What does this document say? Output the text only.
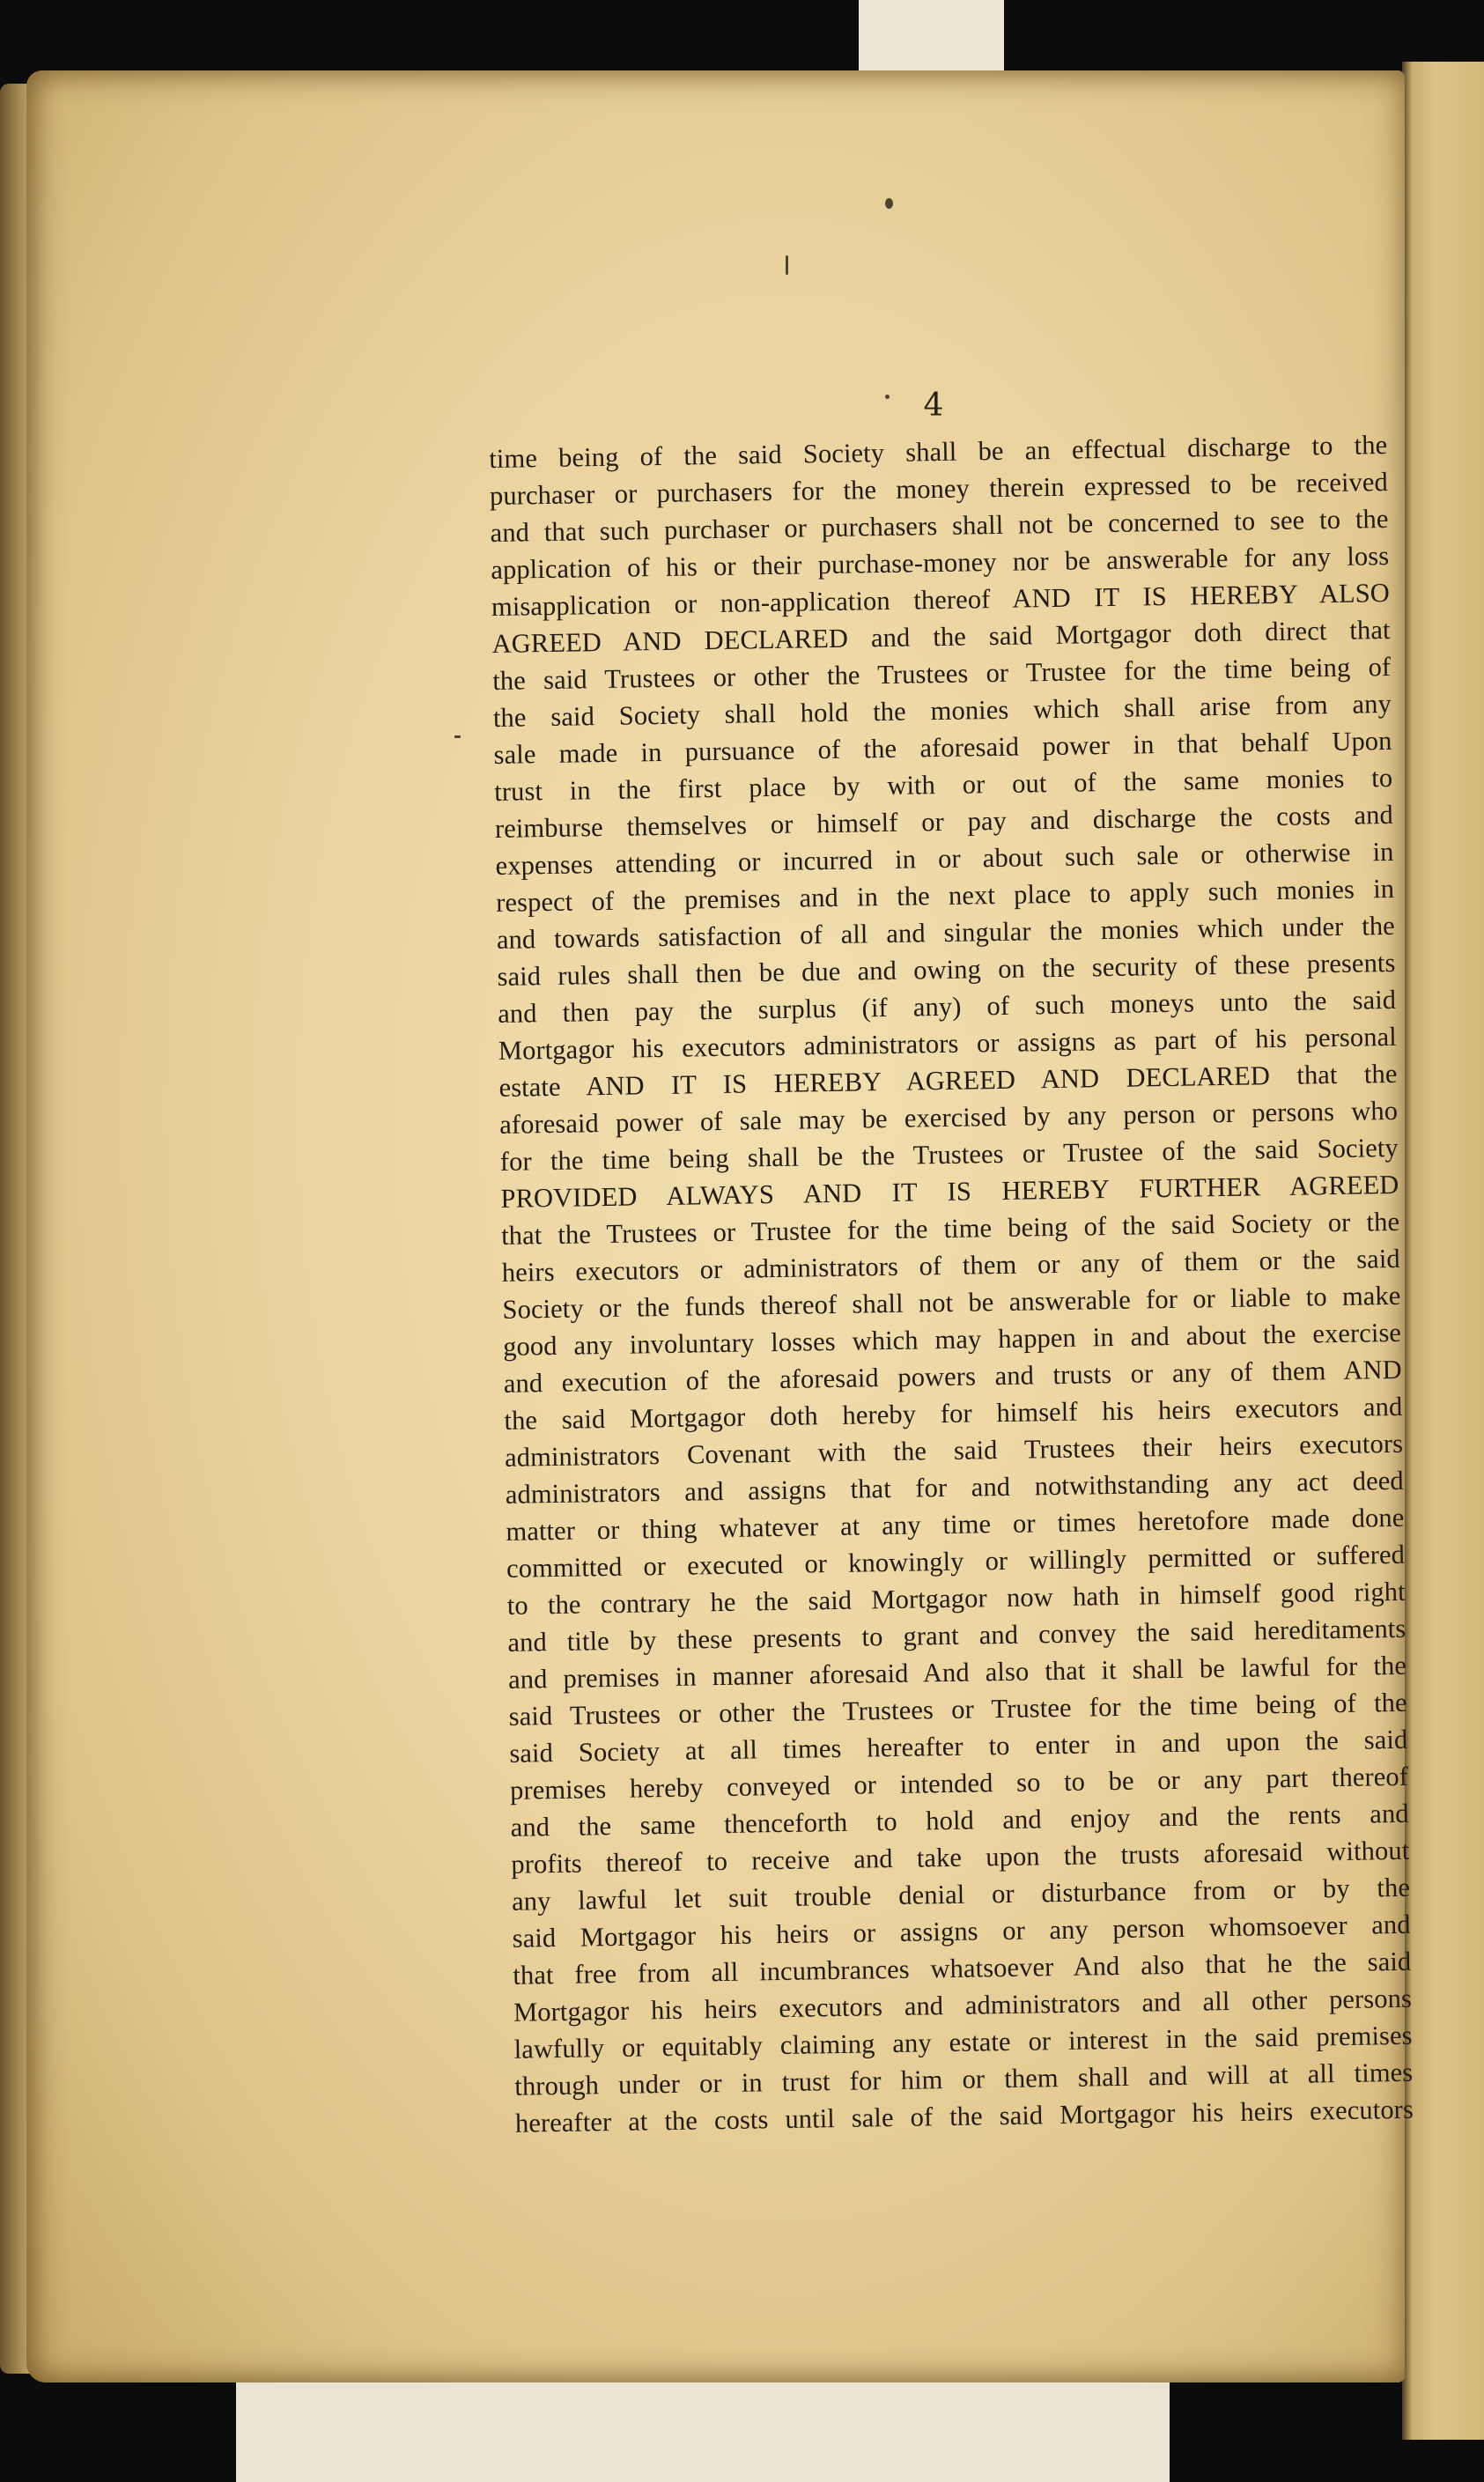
4
time being of the said Society shall be an effectual discharge to the
purchaser or purchasers for the money therein expressed to be received
and that such purchaser or purchasers shall not be concerned to see to the
application of his or their purchase-money nor be answerable for any loss
misapplication or non-application thereof AND IT IS HEREBY ALSO
AGREED AND DECLARED and the said Mortgagor doth direct that
the said Trustees or other the Trustees or Trustee for the time being of
the said Society shall hold the monies which shall arise from any
sale made in pursuance of the aforesaid power in that behalf Upon
trust in the first place by with or out of the same monies to
reimburse themselves or himself or pay and discharge the costs and
expenses attending or incurred in or about such sale or otherwise in
respect of the premises and in the next place to apply such monies in
and towards satisfaction of all and singular the monies which under the
said rules shall then be due and owing on the security of these presents
and then pay the surplus (if any) of such moneys unto the said
Mortgagor his executors administrators or assigns as part of his personal
estate AND IT IS HEREBY AGREED AND DECLARED that the
aforesaid power of sale may be exercised by any person or persons who
for the time being shall be the Trustees or Trustee of the said Society
PROVIDED ALWAYS AND IT IS HEREBY FURTHER AGREED
that the Trustees or Trustee for the time being of the said Society or the
heirs executors or administrators of them or any of them or the said
Society or the funds thereof shall not be answerable for or liable to make
good any involuntary losses which may happen in and about the exercise
and execution of the aforesaid powers and trusts or any of them AND
the said Mortgagor doth hereby for himself his heirs executors and
administrators Covenant with the said Trustees their heirs executors
administrators and assigns that for and notwithstanding any act deed
matter or thing whatever at any time or times heretofore made done
committed or executed or knowingly or willingly permitted or suffered
to the contrary he the said Mortgagor now hath in himself good right
and title by these presents to grant and convey the said hereditaments
and premises in manner aforesaid And also that it shall be lawful for the
said Trustees or other the Trustees or Trustee for the time being of the
said Society at all times hereafter to enter in and upon the said
premises hereby conveyed or intended so to be or any part thereof
and the same thenceforth to hold and enjoy and the rents and
profits thereof to receive and take upon the trusts aforesaid without
any lawful let suit trouble denial or disturbance from or by the
said Mortgagor his heirs or assigns or any person whomsoever and
that free from all incumbrances whatsoever And also that he the said
Mortgagor his heirs executors and administrators and all other persons
lawfully or equitably claiming any estate or interest in the said premises
through under or in trust for him or them shall and will at all times
hereafter at the costs until sale of the said Mortgagor his heirs executors
